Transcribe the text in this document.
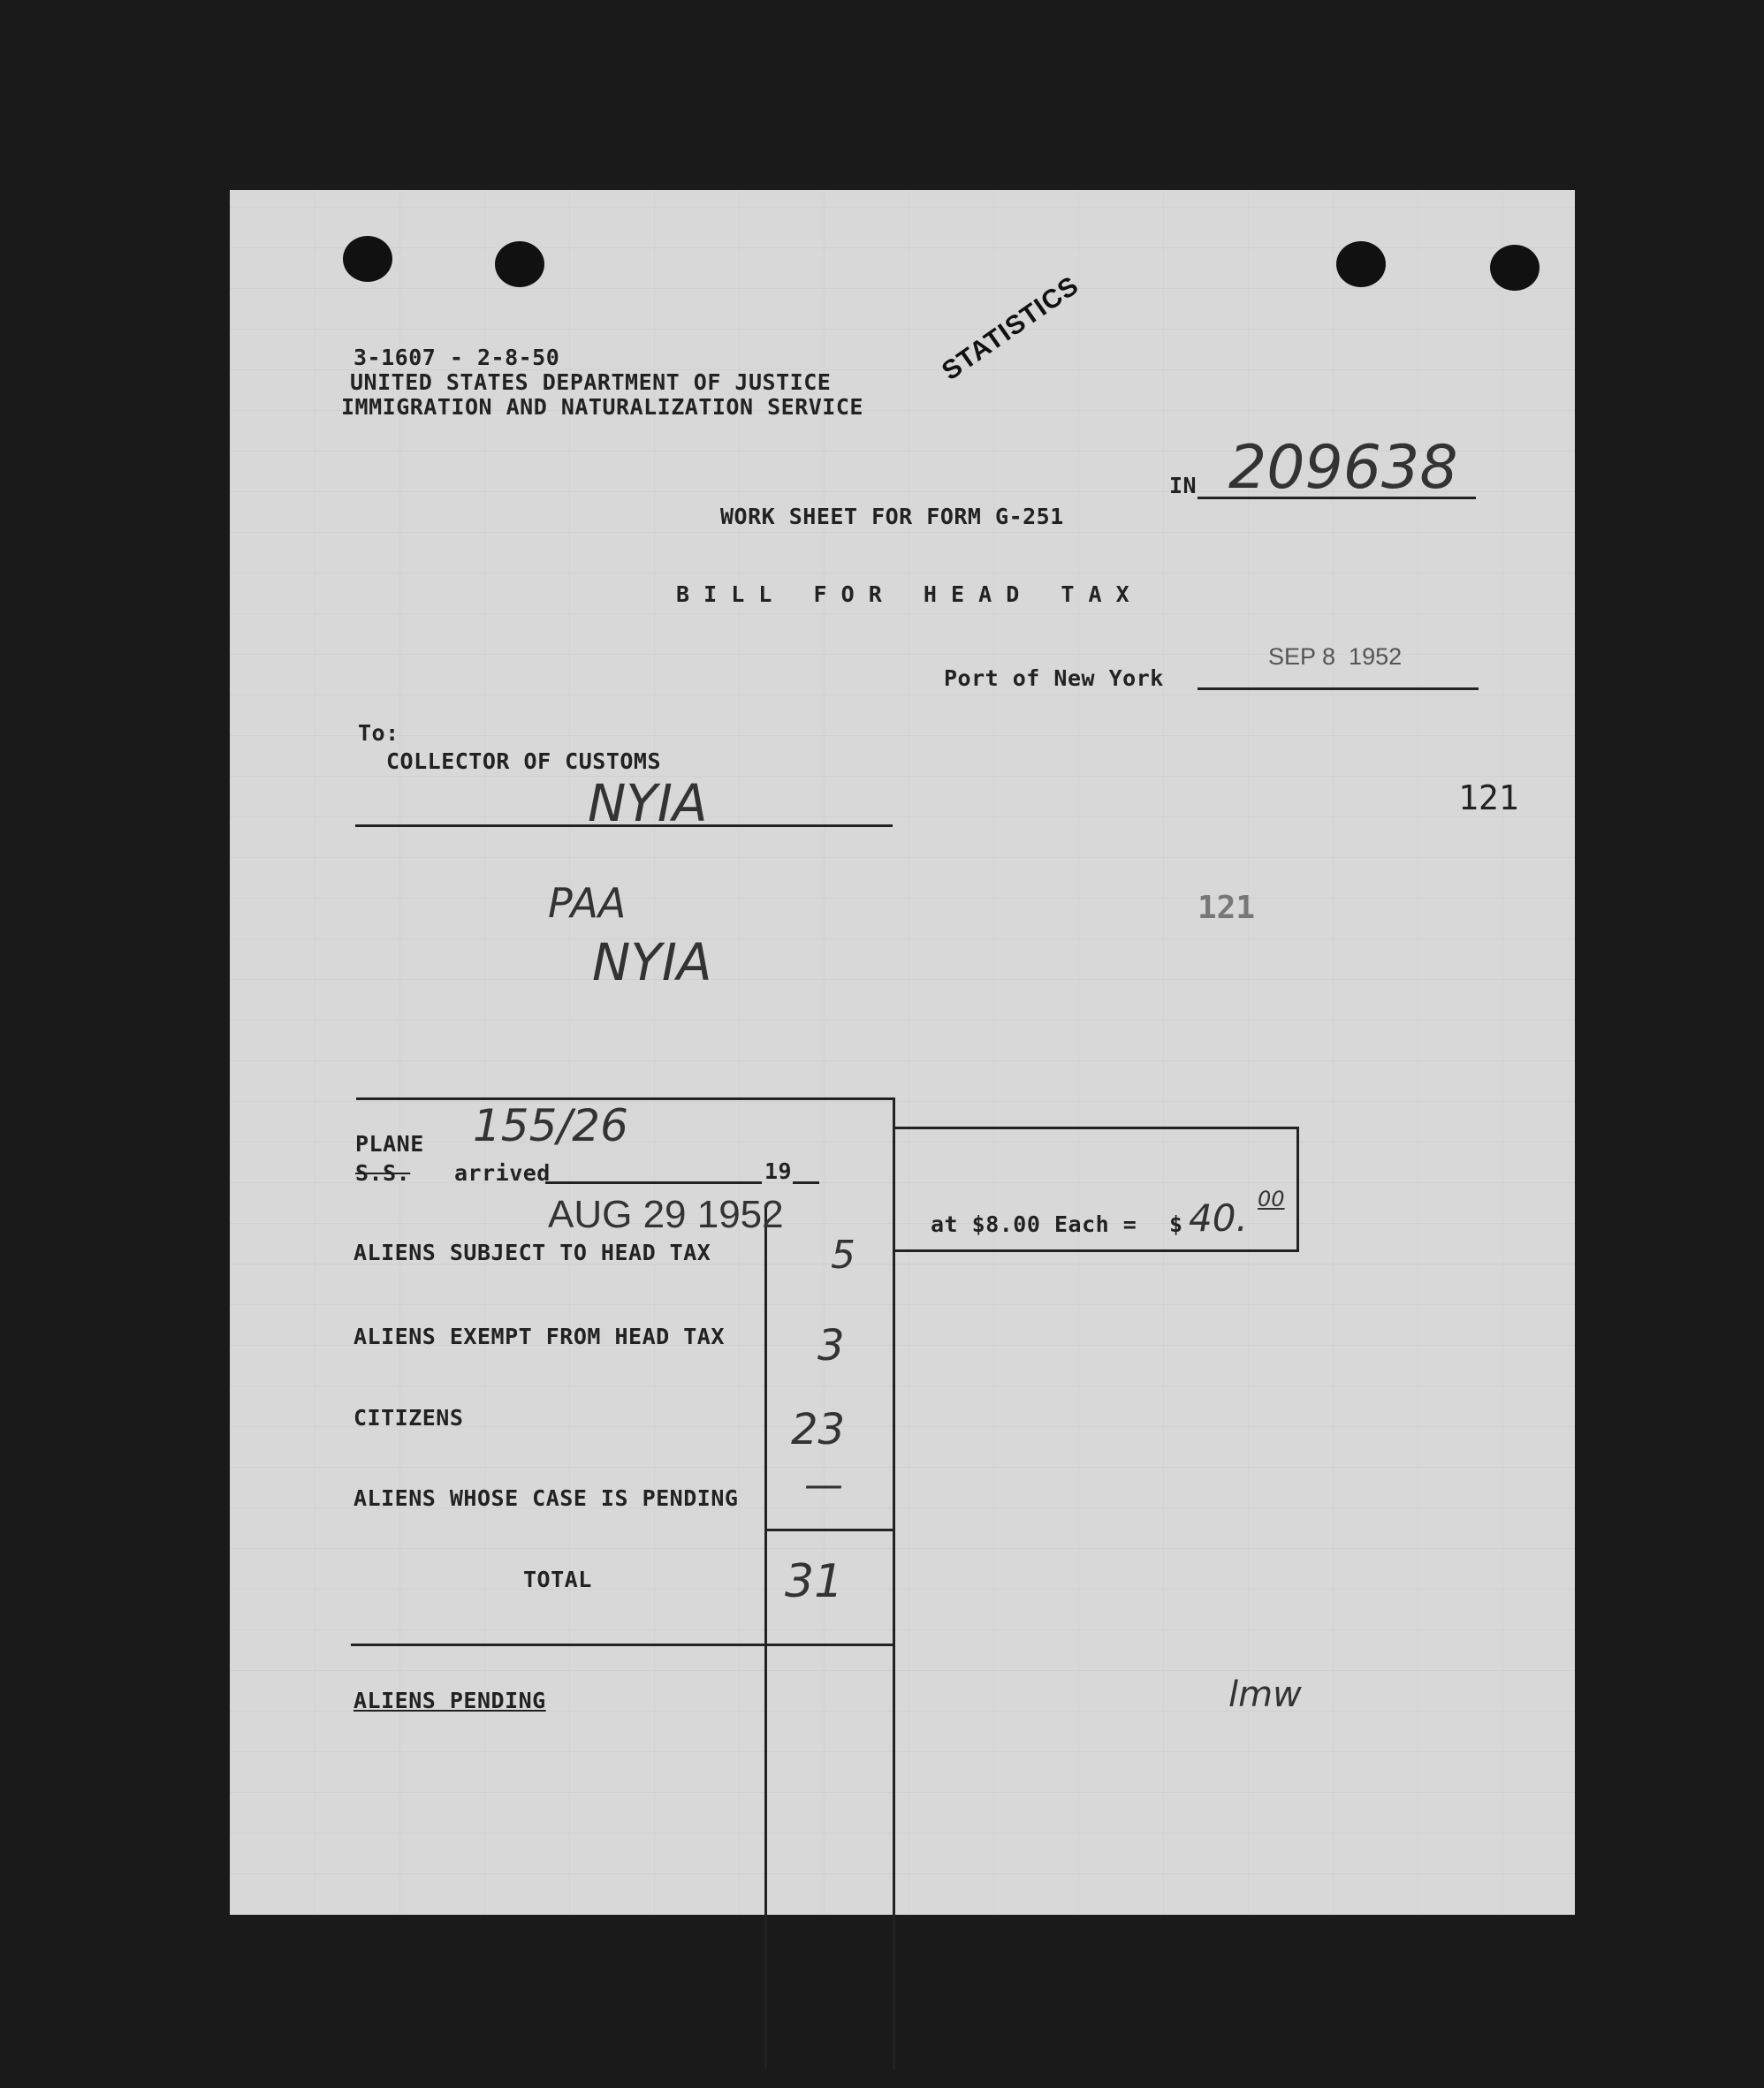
3-1607 - 2-8-50
UNITED STATES DEPARTMENT OF JUSTICE
IMMIGRATION AND NATURALIZATION SERVICE
STATISTICS
IN 209638
WORK SHEET FOR FORM G-251
B I L L   F O R   H E A D   T A X
Port of New York
SEP 8  1952
To:
COLLECTOR OF CUSTOMS
NYIA
PAA
NYIA
121
121
PLANE 155/26
S.S. arrived	19
AUG 29 1952
ALIENS SUBJECT TO HEAD TAX	5
ALIENS EXEMPT FROM HEAD TAX 3
CITIZENS	23
ALIENS WHOSE CASE IS PENDING —
TOTAL	31
at $8.00 Each = $ 40. 00
ALIENS PENDING	lmw
